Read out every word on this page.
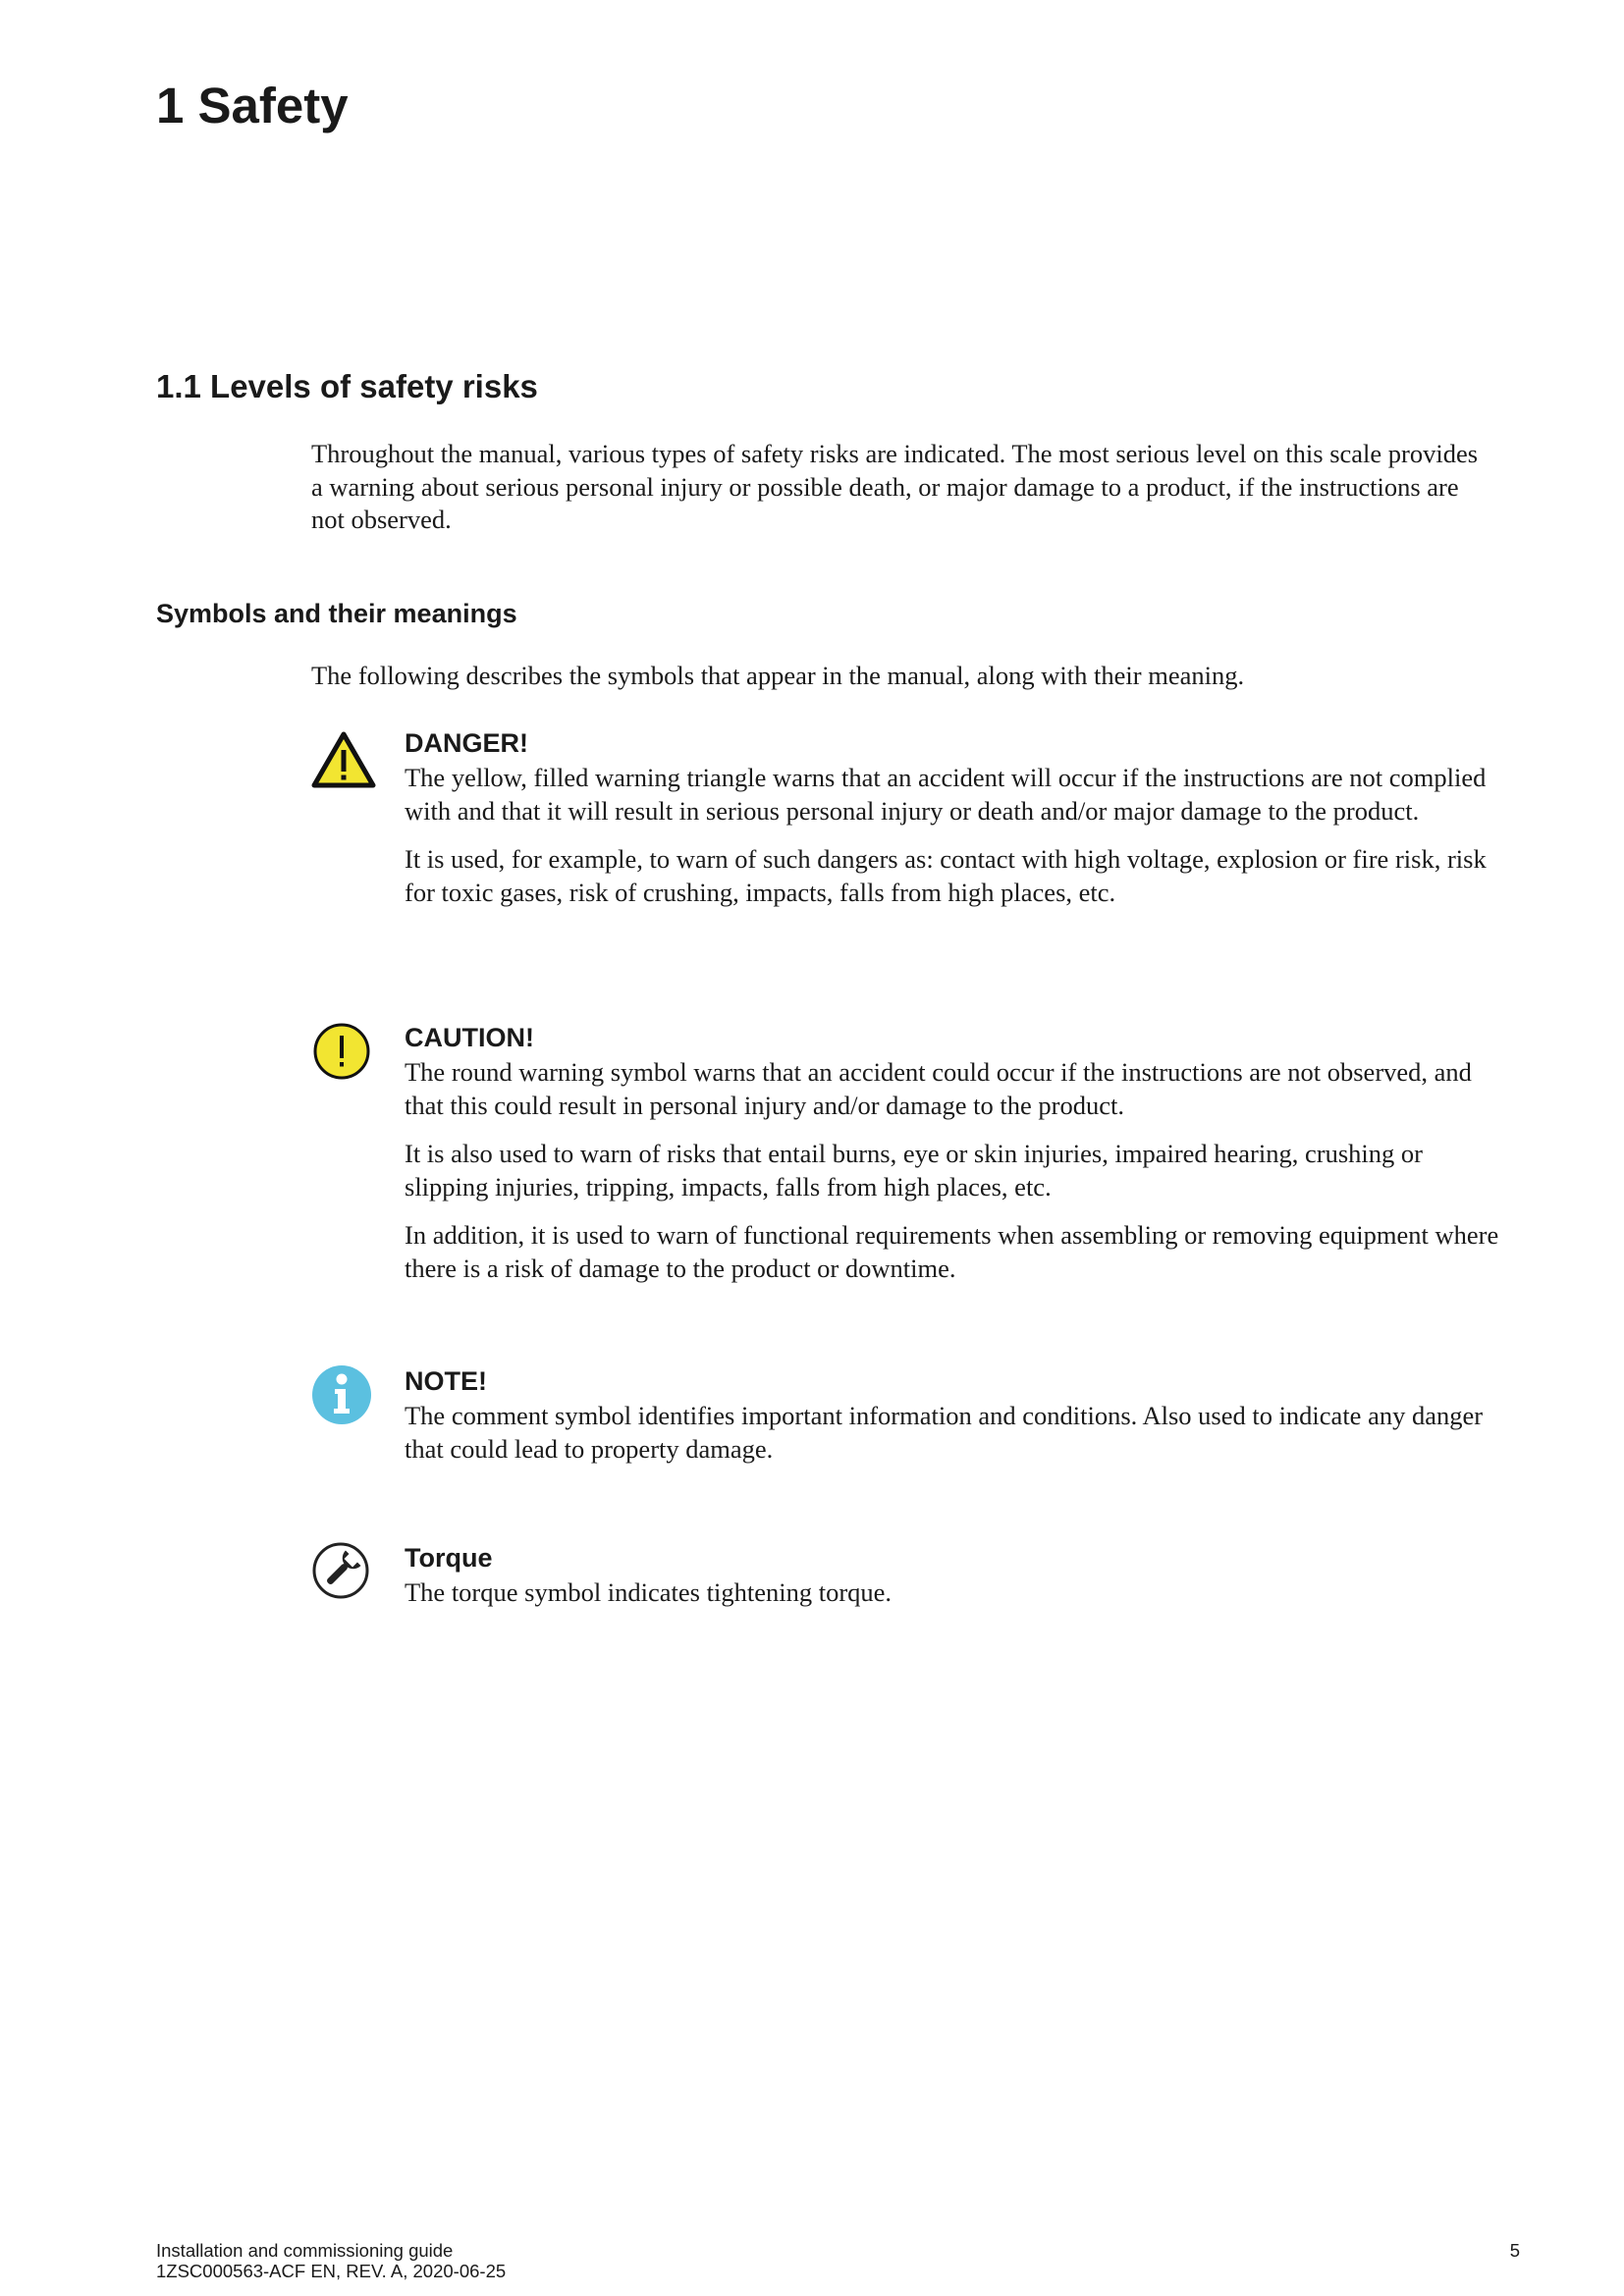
1 Safety
1.1 Levels of safety risks

Throughout the manual, various types of safety risks are indicated. The most serious level on this scale provides a warning about serious personal injury or possible death, or major damage to a product, if the instructions are not observed.

Symbols and their meanings

The following describes the symbols that appear in the manual, along with their meaning.

DANGER!

The yellow, filled warning triangle warns that an accident will occur if the instructions are not complied with and that it will result in serious personal injury or death and/or major damage to the product.

It is used, for example, to warn of such dangers as: contact with high voltage, explosion or fire risk, risk for toxic gases, risk of crushing, impacts, falls from high places, etc.

CAUTION!

The round warning symbol warns that an accident could occur if the instructions are not observed, and that this could result in personal injury and/or damage to the product.

It is also used to warn of risks that entail burns, eye or skin injuries, impaired hearing, crushing or slipping injuries, tripping, impacts, falls from high places, etc.

In addition, it is used to warn of functional requirements when assembling or removing equipment where there is a risk of damage to the product or downtime.

NOTE!

The comment symbol identifies important information and conditions. Also used to indicate any danger that could lead to property damage.

Torque

The torque symbol indicates tightening torque.

Installation and commissioning guide
1ZSC000563-ACF EN, REV. A, 2020-06-25
5
